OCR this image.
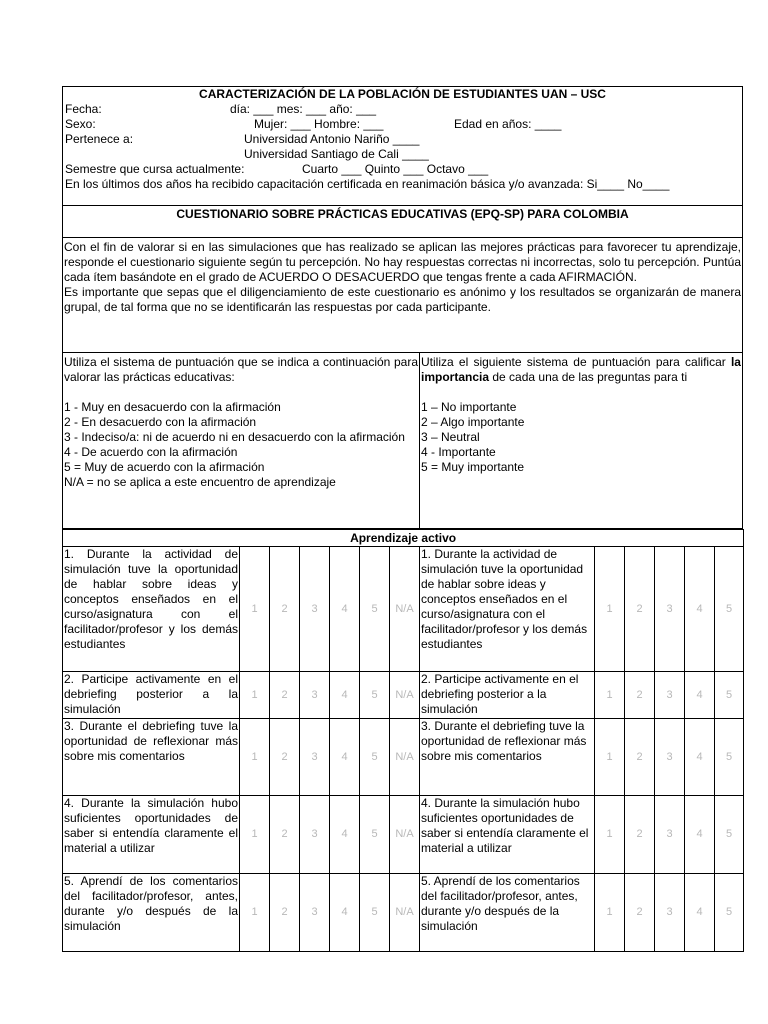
CARACTERIZACIÓN DE LA POBLACIÓN DE ESTUDIANTES UAN – USC
Fecha:	día: ___ mes: ___ año: ___
Sexo:	Mujer: ___ Hombre: ___	Edad en años: ____
Pertenece a:	Universidad Antonio Nariño ____
Universidad Santiago de Cali ____
Semestre que cursa actualmente:	Cuarto ___ Quinto ___ Octavo ___
En los últimos dos años ha recibido capacitación certificada en reanimación básica y/o avanzada: Si____ No____
CUESTIONARIO SOBRE PRÁCTICAS EDUCATIVAS (EPQ-SP) PARA COLOMBIA
Con el fin de valorar si en las simulaciones que has realizado se aplican las mejores prácticas para favorecer tu aprendizaje, responde el cuestionario siguiente según tu percepción. No hay respuestas correctas ni incorrectas, solo tu percepción. Puntúa cada ítem basándote en el grado de ACUERDO O DESACUERDO que tengas frente a cada AFIRMACIÓN.
Es importante que sepas que el diligenciamiento de este cuestionario es anónimo y los resultados se organizarán de manera grupal, de tal forma que no se identificarán las respuestas por cada participante.
Utiliza el sistema de puntuación que se indica a continuación para valorar las prácticas educativas:
1 - Muy en desacuerdo con la afirmación
2 - En desacuerdo con la afirmación
3 - Indeciso/a: ni de acuerdo ni en desacuerdo con la afirmación
4 - De acuerdo con la afirmación
5 = Muy de acuerdo con la afirmación
N/A = no se aplica a este encuentro de aprendizaje
Utiliza el siguiente sistema de puntuación para calificar la importancia de cada una de las preguntas para ti
1 – No importante
2 – Algo importante
3 – Neutral
4 - Importante
5 = Muy importante
Aprendizaje activo												
1. Durante la actividad de simulación tuve la oportunidad de hablar sobre ideas y conceptos enseñados en el curso/asignatura con el facilitador/profesor y los demás estudiantes	1	2	3	4	5	N/A	1. Durante la actividad de simulación tuve la oportunidad de hablar sobre ideas y conceptos enseñados en el curso/asignatura con el facilitador/profesor y los demás estudiantes	1	2	3	4	5
2. Participe activamente en el debriefing posterior a la simulación	1	2	3	4	5	N/A	2. Participe activamente en el debriefing posterior a la simulación	1	2	3	4	5
3. Durante el debriefing tuve la oportunidad de reflexionar más sobre mis comentarios	1	2	3	4	5	N/A	3. Durante el debriefing tuve la oportunidad de reflexionar más sobre mis comentarios	1	2	3	4	5
4. Durante la simulación hubo suficientes oportunidades de saber si entendía claramente el material a utilizar	1	2	3	4	5	N/A	4. Durante la simulación hubo suficientes oportunidades de saber si entendía claramente el material a utilizar	1	2	3	4	5
5. Aprendí de los comentarios del facilitador/profesor, antes, durante y/o después de la simulación	1	2	3	4	5	N/A	5. Aprendí de los comentarios del facilitador/profesor, antes, durante y/o después de la simulación	1	2	3	4	5
